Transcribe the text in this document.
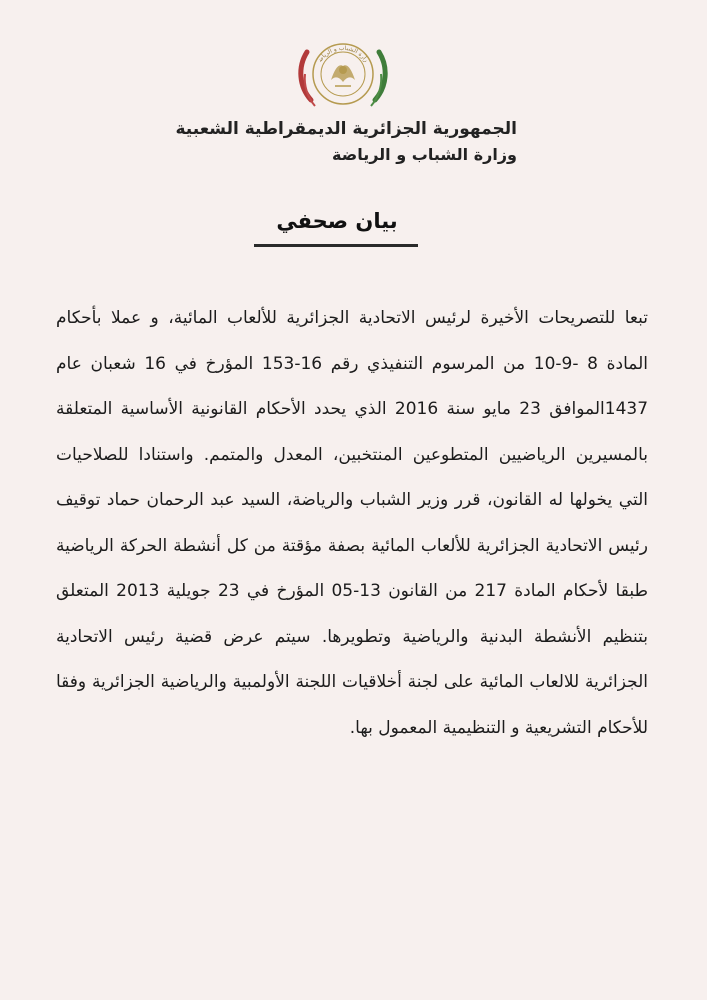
زارة الشباب و الرياض
الجمهورية الجزائرية الديمقراطية الشعبية
وزارة الشباب و الرياضة
بيان صحفي
تبعا للتصريحات الأخيرة لرئيس الاتحادية الجزائرية للألعاب المائية، و عملا بأحكام المادة 8 -9-10 من المرسوم التنفيذي رقم 16-153 المؤرخ في 16 شعبان عام 1437الموافق 23 مايو سنة 2016 الذي يحدد الأحكام القانونية الأساسية المتعلقة بالمسيرين الرياضيين المتطوعين المنتخبين، المعدل والمتمم. واستنادا للصلاحيات التي يخولها له القانون، قرر وزير الشباب والرياضة، السيد عبد الرحمان حماد توقيف رئيس الاتحادية الجزائرية للألعاب المائية بصفة مؤقتة من كل أنشطة الحركة الرياضية طبقا لأحكام المادة 217 من القانون 13-05 المؤرخ في 23 جويلية 2013 المتعلق بتنظيم الأنشطة البدنية والرياضية وتطويرها. سيتم عرض قضية رئيس الاتحادية الجزائرية للالعاب المائية على لجنة أخلاقيات اللجنة الأولمبية والرياضية الجزائرية وفقا للأحكام التشريعية و التنظيمية المعمول بها.
